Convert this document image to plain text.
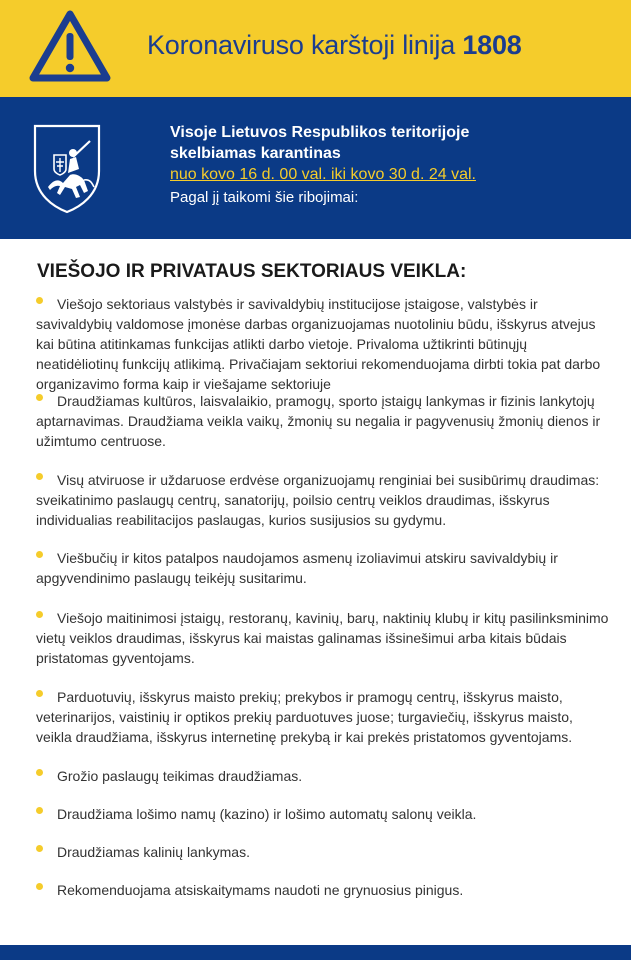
Koronaviruso karštoji linija 1808
Visoje Lietuvos Respublikos teritorijoje
skelbiamas karantinas
nuo kovo 16 d. 00 val. iki kovo 30 d. 24 val.
Pagal jį taikomi šie ribojimai:
VIEŠOJO IR PRIVATAUS SEKTORIAUS VEIKLA:
Viešojo sektoriaus valstybės ir savivaldybių institucijose įstaigose, valstybės ir savivaldybių valdomose įmonėse darbas organizuojamas nuotoliniu būdu, išskyrus atvejus kai būtina atitinkamas funkcijas atlikti darbo vietoje. Privaloma užtikrinti būtinųjų neatidėliotinų funkcijų atlikimą. Privačiajam sektoriui rekomenduojama dirbti tokia pat darbo organizavimo forma kaip ir viešajame sektoriuje
Draudžiamas kultūros, laisvalaikio, pramogų, sporto įstaigų lankymas ir fizinis lankytojų aptarnavimas. Draudžiama veikla vaikų, žmonių su negalia ir pagyvenusių žmonių dienos ir užimtumo centruose.
Visų atviruose ir uždaruose erdvėse organizuojamų renginiai bei susibūrimų draudimas: sveikatinimo paslaugų centrų, sanatorijų, poilsio centrų veiklos draudimas, išskyrus individualias reabilitacijos paslaugas, kurios susijusios su gydymu.
Viešbučių ir kitos patalpos naudojamos asmenų izoliavimui atskiru savivaldybių ir apgyvendinimo paslaugų teikėjų susitarimu.
Viešojo maitinimosi įstaigų, restoranų, kavinių, barų, naktinių klubų ir kitų pasilinksminimo vietų veiklos draudimas, išskyrus kai maistas galinamas išsinešimui arba kitais būdais pristatomas gyventojams.
Parduotuvių, išskyrus maisto prekių; prekybos ir pramogų centrų, išskyrus maisto, veterinarijos, vaistinių ir optikos prekių parduotuves juose; turgaviečių, išskyrus maisto, veikla draudžiama, išskyrus internetinę prekybą ir kai prekės pristatomos gyventojams.
Grožio paslaugų teikimas draudžiamas.
Draudžiama lošimo namų (kazino) ir lošimo automatų salonų veikla.
Draudžiamas kalinių lankymas.
Rekomenduojama atsiskaitymams naudoti ne grynuosius pinigus.
